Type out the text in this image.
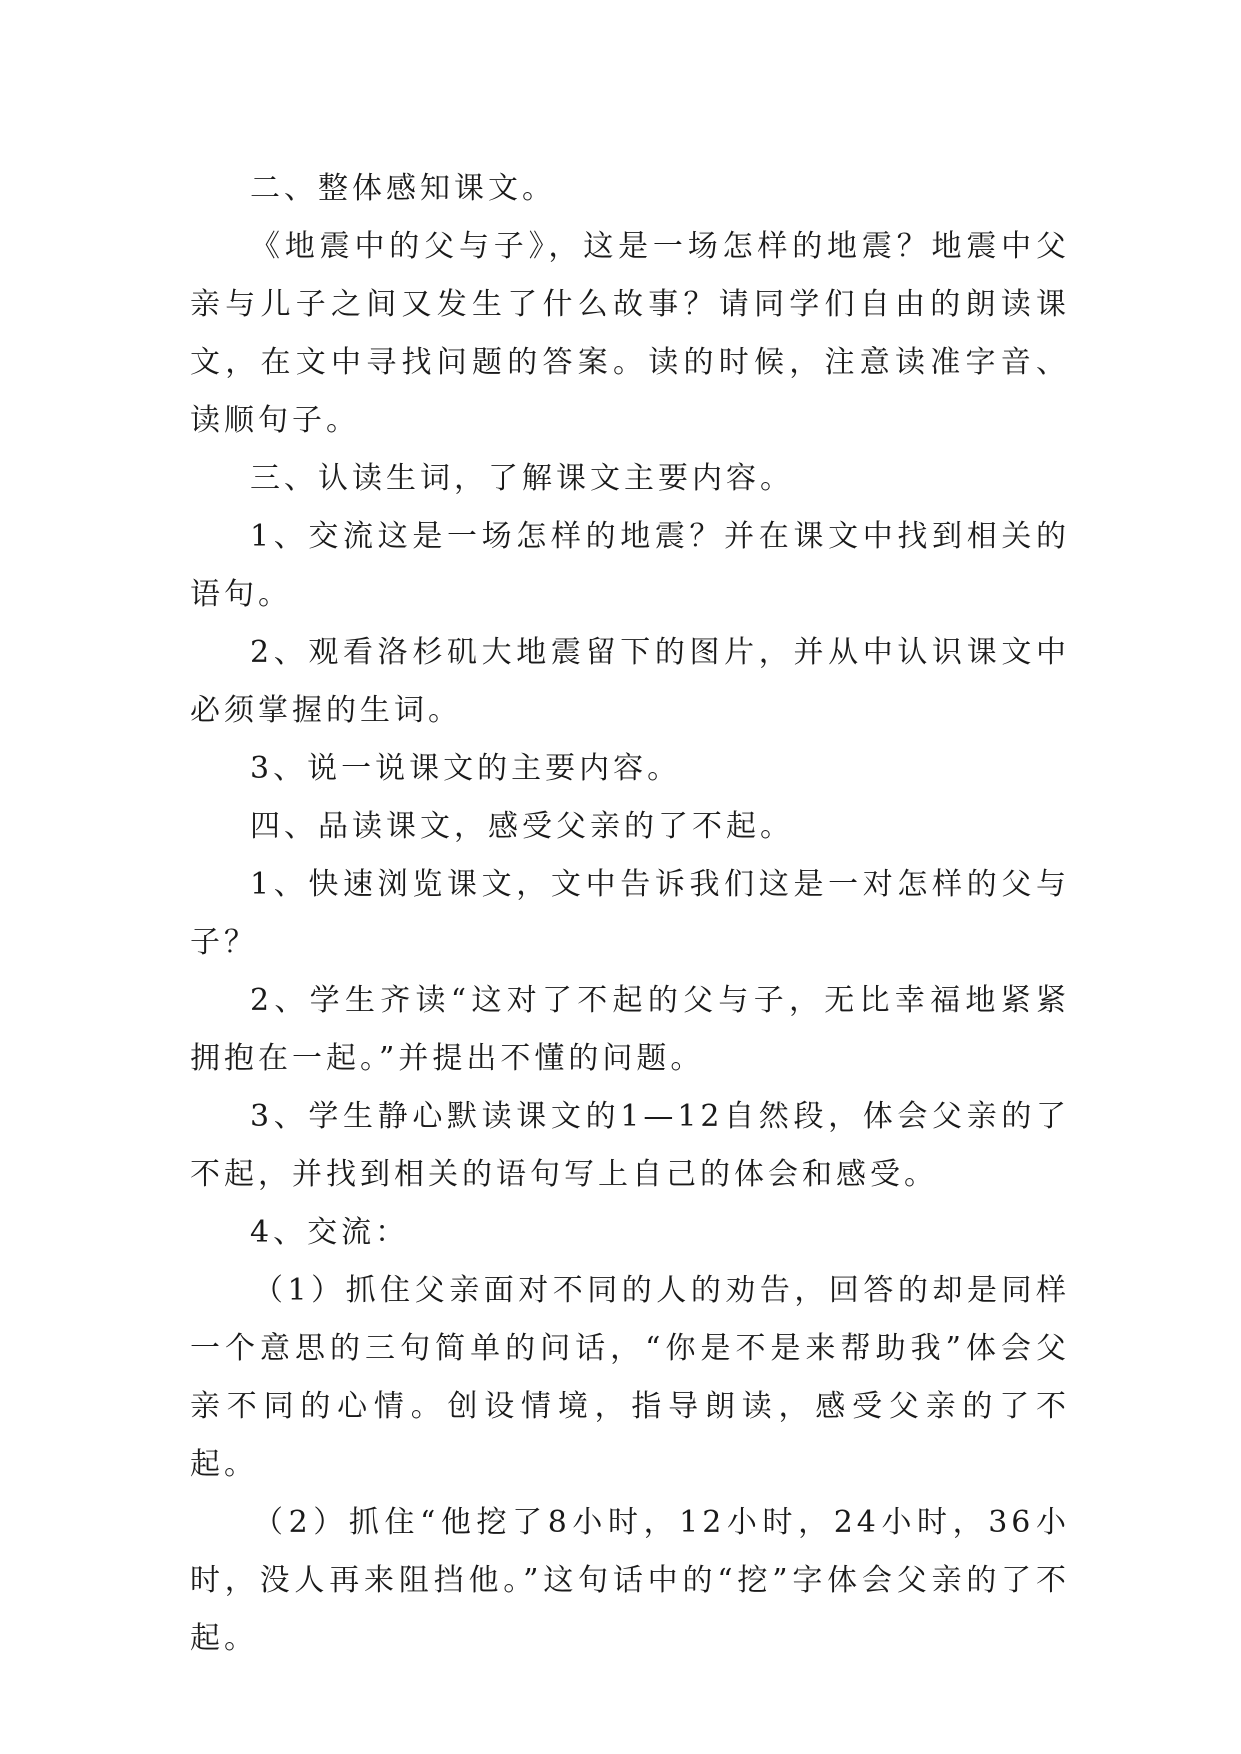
二、整体感知课文。

《地震中的父与子》，这是一场怎样的地震？地震中父亲与儿子之间又发生了什么故事？请同学们自由的朗读课文，在文中寻找问题的答案。读的时候，注意读准字音、读顺句子。

三、认读生词，了解课文主要内容。

1、交流这是一场怎样的地震？并在课文中找到相关的语句。

2、观看洛杉矶大地震留下的图片，并从中认识课文中必须掌握的生词。

3、说一说课文的主要内容。

四、品读课文，感受父亲的了不起。

1、快速浏览课文，文中告诉我们这是一对怎样的父与子？

2、学生齐读“这对了不起的父与子，无比幸福地紧紧拥抱在一起。”并提出不懂的问题。

3、学生静心默读课文的1—12自然段，体会父亲的了不起，并找到相关的语句写上自己的体会和感受。

4、交流：

（1）抓住父亲面对不同的人的劝告，回答的却是同样一个意思的三句简单的问话，“你是不是来帮助我”体会父亲不同的心情。创设情境，指导朗读，感受父亲的了不起。

（2）抓住“他挖了8小时，12小时，24小时，36小时，没人再来阻挡他。”这句话中的“挖”字体会父亲的了不起。
